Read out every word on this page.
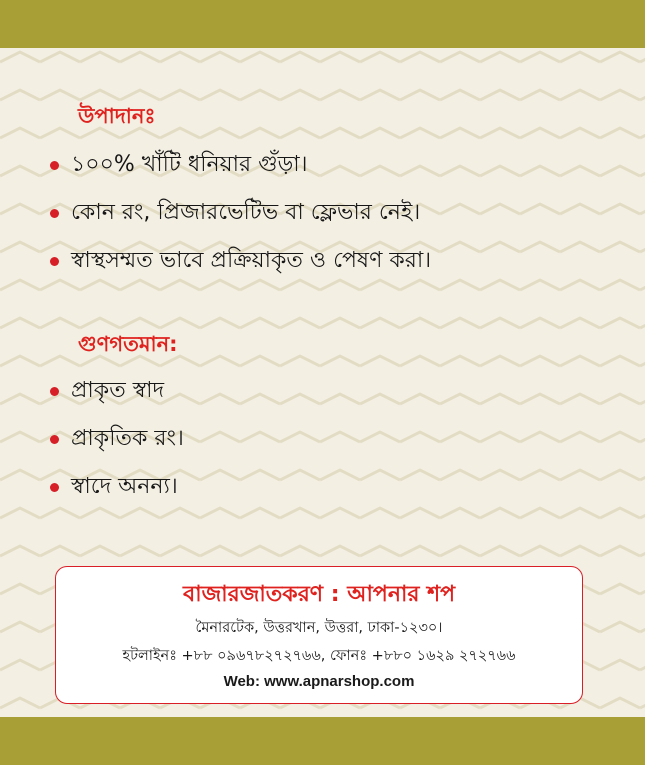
উপাদানঃ
১০০% খাঁটি ধনিয়ার গুঁড়া।
কোন রং, প্রিজারভেটিভ বা ফ্লেভার নেই।
স্বাস্থসম্মত ভাবে প্রক্রিয়াকৃত ও পেষণ করা।
গুণগতমান:
প্রাকৃত স্বাদ
প্রাকৃতিক রং।
স্বাদে অনন্য।
বাজারজাতকরণ : আপনার শপ
মৈনারটেক, উত্তরখান, উত্তরা, ঢাকা-১২৩০।
হটলাইনঃ +৮৮ ০৯৬৭৮২৭২৭৬৬, ফোনঃ +৮৮০ ১৬২৯ ২৭২৭৬৬
Web: www.apnarshop.com
